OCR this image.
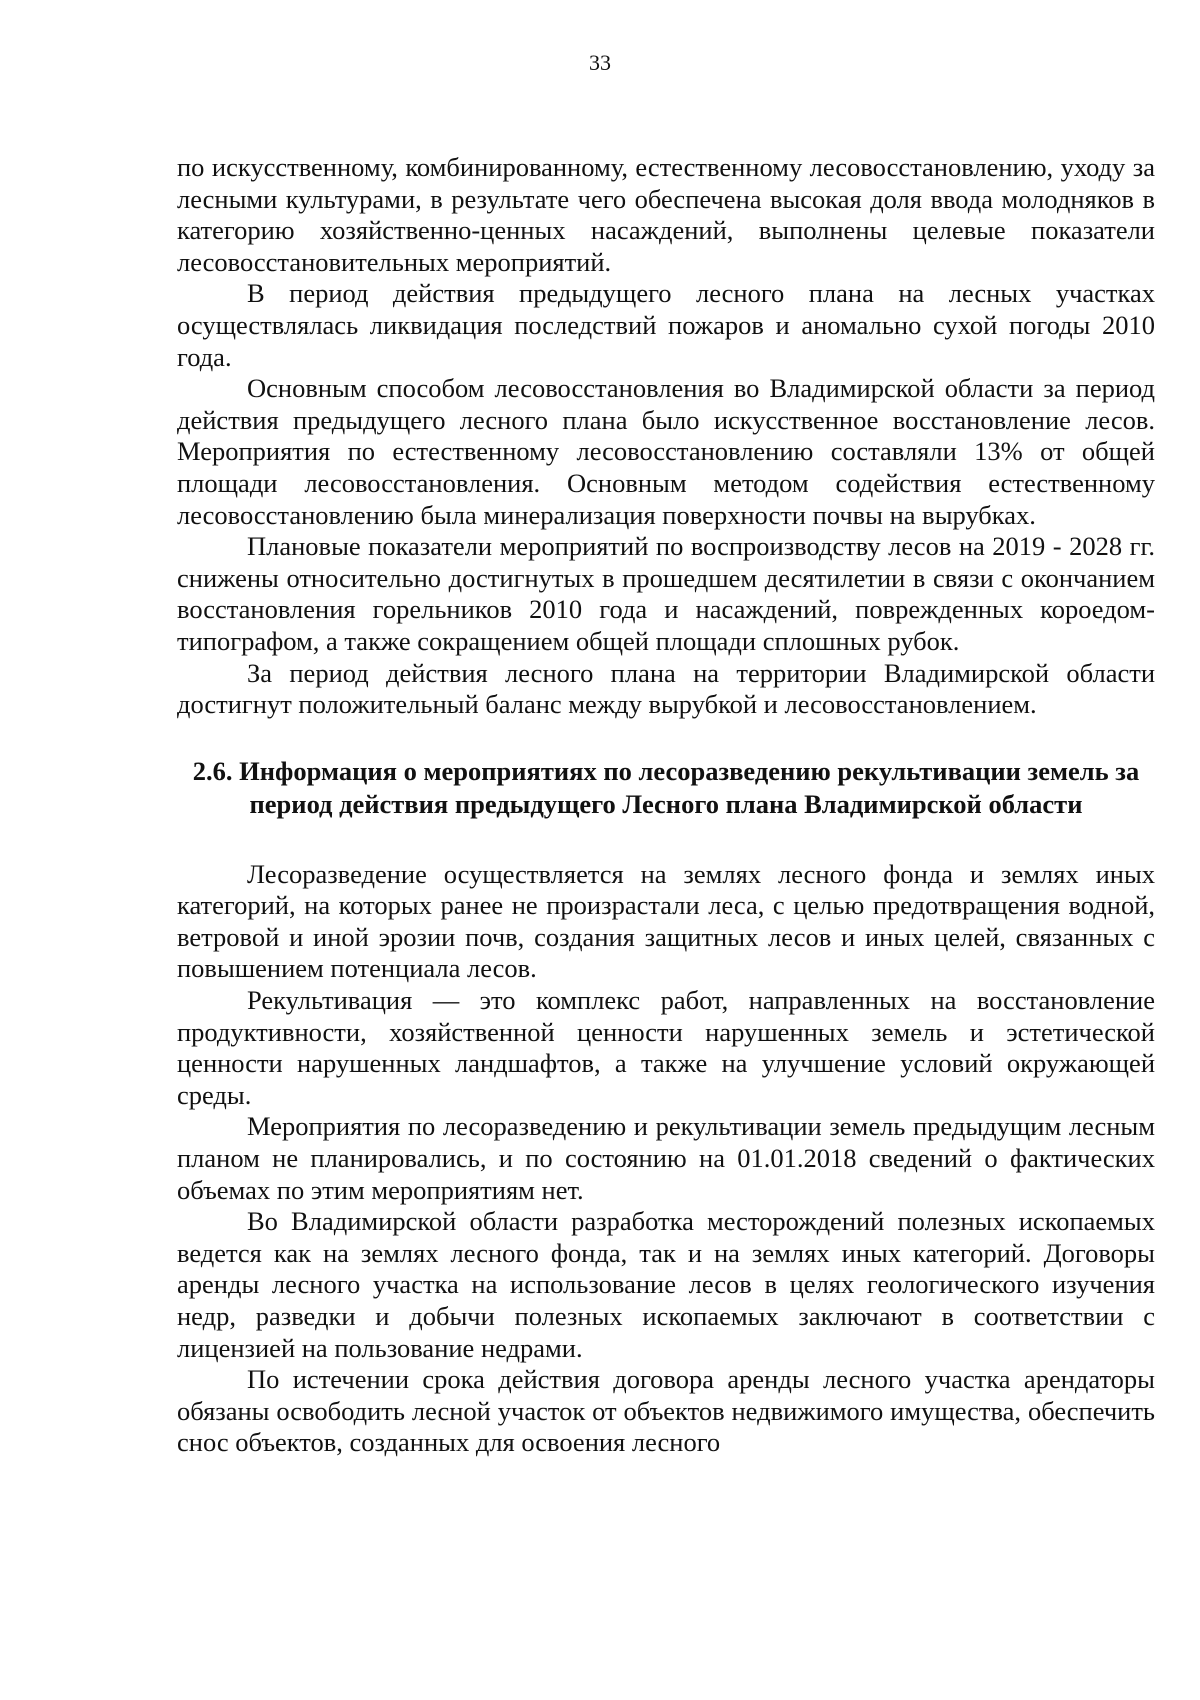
33

по искусственному, комбинированному, естественному лесовосстановлению, уходу за лесными культурами, в результате чего обеспечена высокая доля ввода молодняков в категорию хозяйственно-ценных насаждений, выполнены целевые показатели лесовосстановительных мероприятий.

В период действия предыдущего лесного плана на лесных участках осуществлялась ликвидация последствий пожаров и аномально сухой погоды 2010 года.

Основным способом лесовосстановления во Владимирской области за период действия предыдущего лесного плана было искусственное восстановление лесов. Мероприятия по естественному лесовосстановлению составляли 13% от общей площади лесовосстановления. Основным методом содействия естественному лесовосстановлению была минерализация поверхности почвы на вырубках.

Плановые показатели мероприятий по воспроизводству лесов на 2019 - 2028 гг. снижены относительно достигнутых в прошедшем десятилетии в связи с окончанием восстановления горельников 2010 года и насаждений, поврежденных короедом-типографом, а также сокращением общей площади сплошных рубок.

За период действия лесного плана на территории Владимирской области достигнут положительный баланс между вырубкой и лесовосстановлением.

2.6. Информация о мероприятиях по лесоразведению рекультивации земель за период действия предыдущего Лесного плана Владимирской области

Лесоразведение осуществляется на землях лесного фонда и землях иных категорий, на которых ранее не произрастали леса, с целью предотвращения водной, ветровой и иной эрозии почв, создания защитных лесов и иных целей, связанных с повышением потенциала лесов.

Рекультивация — это комплекс работ, направленных на восстановление продуктивности, хозяйственной ценности нарушенных земель и эстетической ценности нарушенных ландшафтов, а также на улучшение условий окружающей среды.

Мероприятия по лесоразведению и рекультивации земель предыдущим лесным планом не планировались, и по состоянию на 01.01.2018 сведений о фактических объемах по этим мероприятиям нет.

Во Владимирской области разработка месторождений полезных ископаемых ведется как на землях лесного фонда, так и на землях иных категорий. Договоры аренды лесного участка на использование лесов в целях геологического изучения недр, разведки и добычи полезных ископаемых заключают в соответствии с лицензией на пользование недрами.

По истечении срока действия договора аренды лесного участка арендаторы обязаны освободить лесной участок от объектов недвижимого имущества, обеспечить снос объектов, созданных для освоения лесного
